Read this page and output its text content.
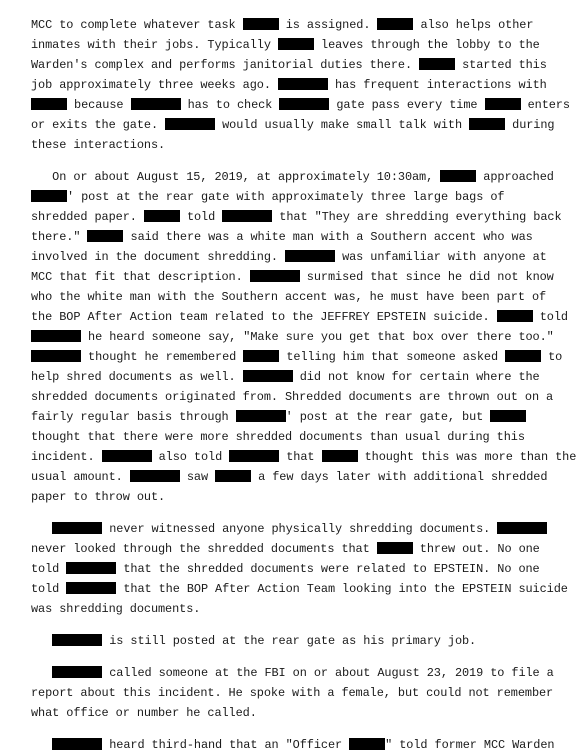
MCC to complete whatever task	is assigned.	also helps other
inmates with their jobs. Typically	leaves through the lobby to the
Warden's complex and performs janitorial duties there.	started this
job approximately three weeks ago.	has frequent interactions with
because	has to check	gate pass every time	enters
or exits the gate.	would usually make small talk with	during
these interactions.
On or about August 15, 2019, at approximately 10:30am,	approached
' post at the rear gate with approximately three large bags of
shredded paper.	told	that "They are shredding everything back
there."	said there was a white man with a Southern accent who was
involved in the document shredding.	was unfamiliar with anyone at
MCC that fit that description.	surmised that since he did not know
who the white man with the Southern accent was, he must have been part of
the BOP After Action team related to the JEFFREY EPSTEIN suicide.	told
he heard someone say, "Make sure you get that box over there too."
thought he remembered	telling him that someone asked	to
help shred documents as well.	did not know for certain where the
shredded documents originated from. Shredded documents are thrown out on a
fairly regular basis through	' post at the rear gate, but
thought that there were more shredded documents than usual during this
incident.	also told	that	thought this was more than the
usual amount.	saw	a few days later with additional shredded
paper to throw out.
never witnessed anyone physically shredding documents.
never looked through the shredded documents that	threw out. No one
told	that the shredded documents were related to EPSTEIN. No one
told	that the BOP After Action Team looking into the EPSTEIN suicide
was shredding documents.
is still posted at the rear gate as his primary job.
called someone at the FBI on or about August 23, 2019 to file a
report about this incident. He spoke with a female, but could not remember
what office or number he called.
heard third-hand that an "Officer	" told former MCC Warden
